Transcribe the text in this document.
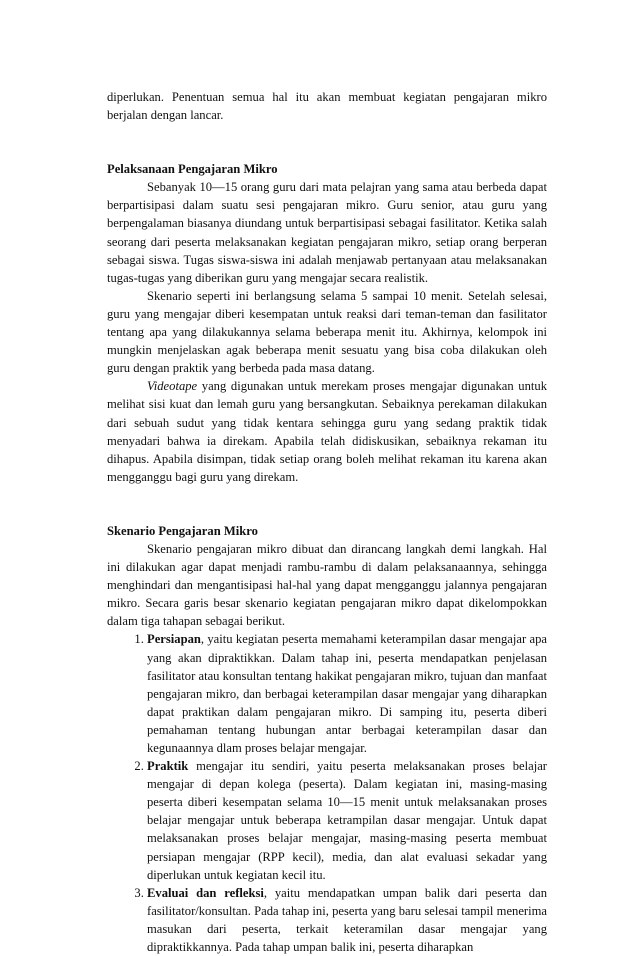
diperlukan. Penentuan semua hal itu akan membuat kegiatan pengajaran mikro berjalan dengan lancar.

Pelaksanaan Pengajaran Mikro

Sebanyak 10—15 orang guru dari mata pelajran yang sama atau berbeda dapat berpartisipasi dalam suatu sesi pengajaran mikro. Guru senior, atau guru yang berpengalaman biasanya diundang untuk berpartisipasi sebagai fasilitator. Ketika salah seorang dari peserta melaksanakan kegiatan pengajaran mikro, setiap orang berperan sebagai siswa. Tugas siswa-siswa ini adalah menjawab pertanyaan atau melaksanakan tugas-tugas yang diberikan guru yang mengajar secara realistik.

Skenario seperti ini berlangsung selama 5 sampai 10 menit. Setelah selesai, guru yang mengajar diberi kesempatan untuk reaksi dari teman-teman dan fasilitator tentang apa yang dilakukannya selama beberapa menit itu. Akhirnya, kelompok ini mungkin menjelaskan agak beberapa menit sesuatu yang bisa coba dilakukan oleh guru dengan praktik yang berbeda pada masa datang.

Videotape yang digunakan untuk merekam proses mengajar digunakan untuk melihat sisi kuat dan lemah guru yang bersangkutan. Sebaiknya perekaman dilakukan dari sebuah sudut yang tidak kentara sehingga guru yang sedang praktik tidak menyadari bahwa ia direkam. Apabila telah didiskusikan, sebaiknya rekaman itu dihapus. Apabila disimpan, tidak setiap orang boleh melihat rekaman itu karena akan mengganggu bagi guru yang direkam.

Skenario Pengajaran Mikro

Skenario pengajaran mikro dibuat dan dirancang langkah demi langkah. Hal ini dilakukan agar dapat menjadi rambu-rambu di dalam pelaksanaannya, sehingga menghindari dan mengantisipasi hal-hal yang dapat mengganggu jalannya pengajaran mikro. Secara garis besar skenario kegiatan pengajaran mikro dapat dikelompokkan dalam tiga tahapan sebagai berikut.

1. Persiapan, yaitu kegiatan peserta memahami keterampilan dasar mengajar apa yang akan dipraktikkan. Dalam tahap ini, peserta mendapatkan penjelasan fasilitator atau konsultan tentang hakikat pengajaran mikro, tujuan dan manfaat pengajaran mikro, dan berbagai keterampilan dasar mengajar yang diharapkan dapat praktikan dalam pengajaran mikro. Di samping itu, peserta diberi pemahaman tentang hubungan antar berbagai keterampilan dasar dan kegunaannya dlam proses belajar mengajar.
2. Praktik mengajar itu sendiri, yaitu peserta melaksanakan proses belajar mengajar di depan kolega (peserta). Dalam kegiatan ini, masing-masing peserta diberi kesempatan selama 10—15 menit untuk melaksanakan proses belajar mengajar untuk beberapa ketrampilan dasar mengajar. Untuk dapat melaksanakan proses belajar mengajar, masing-masing peserta membuat persiapan mengajar (RPP kecil), media, dan alat evaluasi sekadar yang diperlukan untuk kegiatan kecil itu.
3. Evaluai dan refleksi, yaitu mendapatkan umpan balik dari peserta dan fasilitator/konsultan. Pada tahap ini, peserta yang baru selesai tampil menerima masukan dari peserta, terkait keteramilan dasar mengajar yang dipraktikkannya. Pada tahap umpan balik ini, peserta diharapkan
